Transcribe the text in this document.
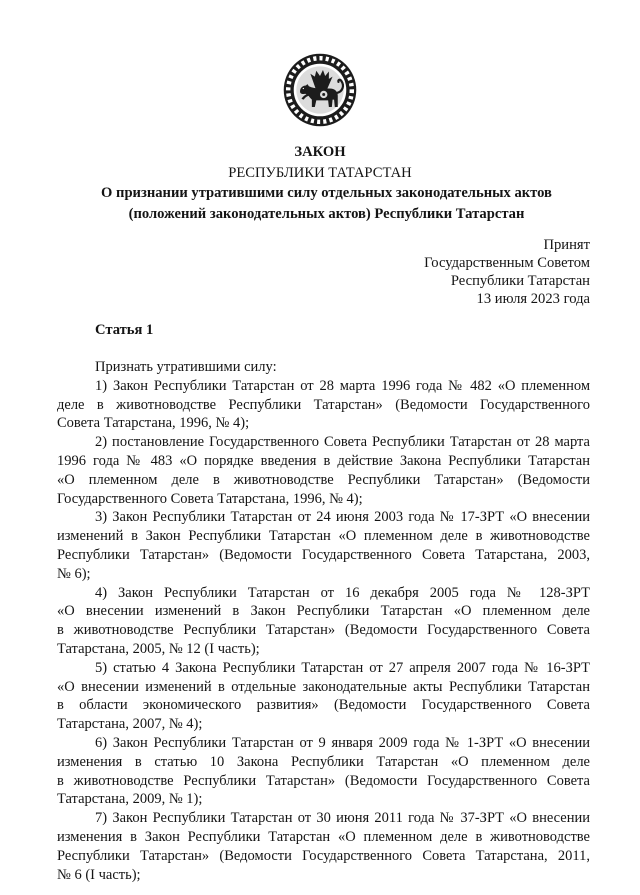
ЗАКОН
РЕСПУБЛИКИ ТАТАРСТАН
О признании утратившими силу отдельных законодательных актов
(положений законодательных актов) Республики Татарстан
Принят
Государственным Советом
Республики Татарстан
13 июля 2023 года
Статья 1
Признать утратившими силу:
1) Закон Республики Татарстан от 28 марта 1996 года № 482 «О племенном
деле в животноводстве Республики Татарстан» (Ведомости Государственного
Совета Татарстана, 1996, № 4);
2) постановление Государственного Совета Республики Татарстан от 28 марта
1996 года № 483 «О порядке введения в действие Закона Республики Татарстан
«О племенном деле в животноводстве Республики Татарстан» (Ведомости
Государственного Совета Татарстана, 1996, № 4);
3) Закон Республики Татарстан от 24 июня 2003 года № 17-ЗРТ «О внесении
изменений в Закон Республики Татарстан «О племенном деле в животноводстве
Республики Татарстан» (Ведомости Государственного Совета Татарстана, 2003,
№ 6);
4) Закон Республики Татарстан от 16 декабря 2005 года № 128-ЗРТ
«О внесении изменений в Закон Республики Татарстан «О племенном деле
в животноводстве Республики Татарстан» (Ведомости Государственного Совета
Татарстана, 2005, № 12 (I часть);
5) статью 4 Закона Республики Татарстан от 27 апреля 2007 года № 16-ЗРТ
«О внесении изменений в отдельные законодательные акты Республики Татарстан
в области экономического развития» (Ведомости Государственного Совета
Татарстана, 2007, № 4);
6) Закон Республики Татарстан от 9 января 2009 года № 1-ЗРТ «О внесении
изменения в статью 10 Закона Республики Татарстан «О племенном деле
в животноводстве Республики Татарстан» (Ведомости Государственного Совета
Татарстана, 2009, № 1);
7) Закон Республики Татарстан от 30 июня 2011 года № 37-ЗРТ «О внесении
изменения в Закон Республики Татарстан «О племенном деле в животноводстве
Республики Татарстан» (Ведомости Государственного Совета Татарстана, 2011,
№ 6 (I часть);
